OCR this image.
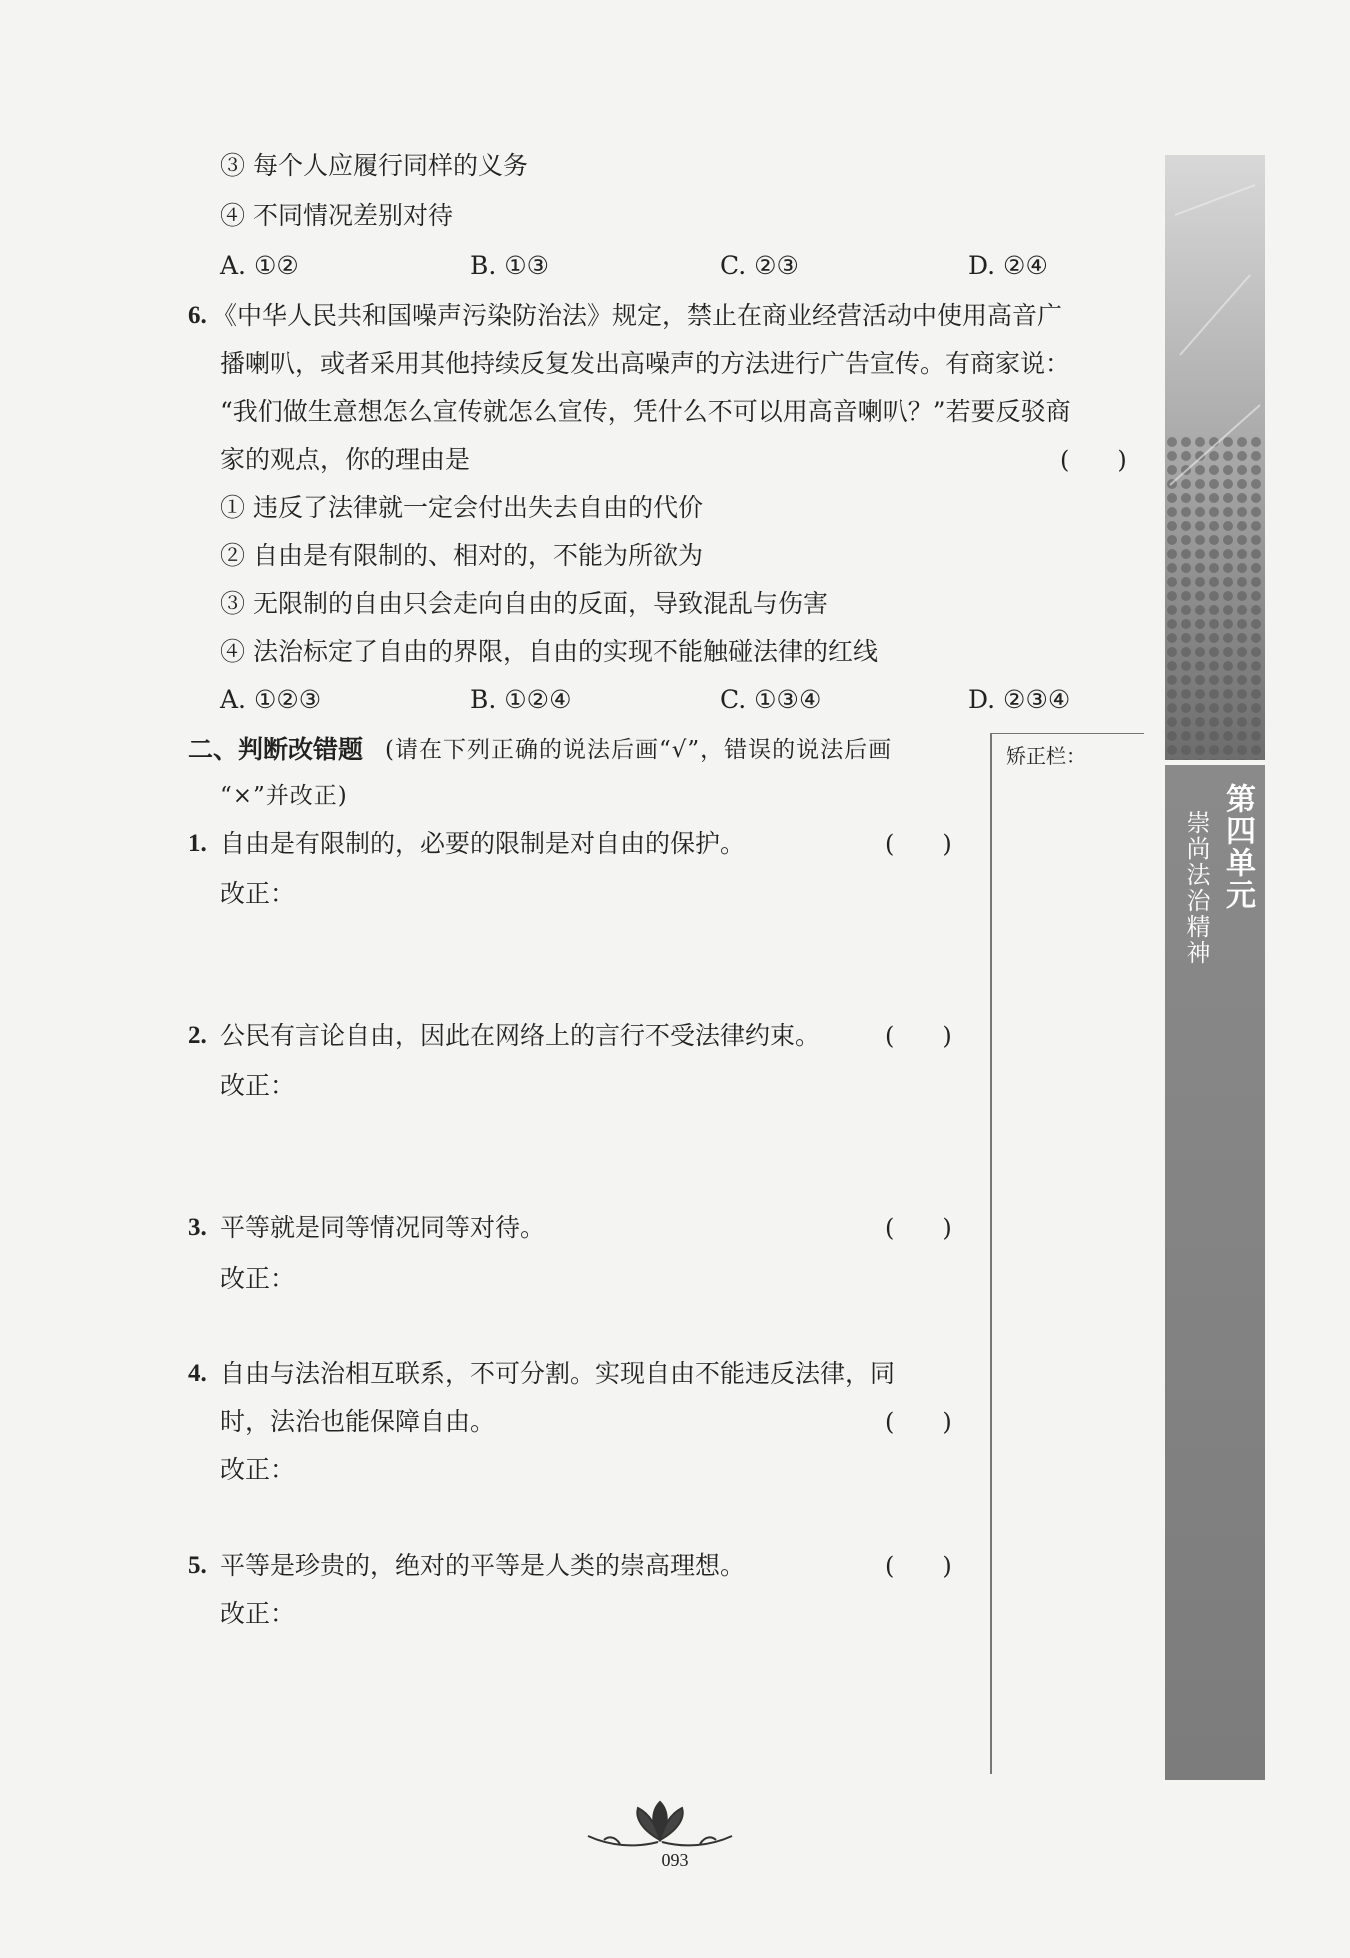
③ 每个人应履行同样的义务
④ 不同情况差别对待
A. ①②	B. ①③	C. ②③	D. ②④
6. 《中华人民共和国噪声污染防治法》规定，禁止在商业经营活动中使用高音广
播喇叭，或者采用其他持续反复发出高噪声的方法进行广告宣传。有商家说：
“我们做生意想怎么宣传就怎么宣传，凭什么不可以用高音喇叭？”若要反驳商
家的观点，你的理由是	(　　)
① 违反了法律就一定会付出失去自由的代价
② 自由是有限制的、相对的，不能为所欲为
③ 无限制的自由只会走向自由的反面，导致混乱与伤害
④ 法治标定了自由的界限，自由的实现不能触碰法律的红线
A. ①②③	B. ①②④	C. ①③④	D. ②③④
二、判断改错题 (请在下列正确的说法后画“√”，错误的说法后画
“×”并改正)
矫正栏：
1. 自由是有限制的，必要的限制是对自由的保护。	(　　)
改正：
2. 公民有言论自由，因此在网络上的言行不受法律约束。	(　　)
改正：
3. 平等就是同等情况同等对待。	(　　)
改正：
4. 自由与法治相互联系，不可分割。实现自由不能违反法律，同
时，法治也能保障自由。	(　　)
改正：
5. 平等是珍贵的，绝对的平等是人类的崇高理想。	(　　)
改正：
第四单元
崇尚法治精神
093
